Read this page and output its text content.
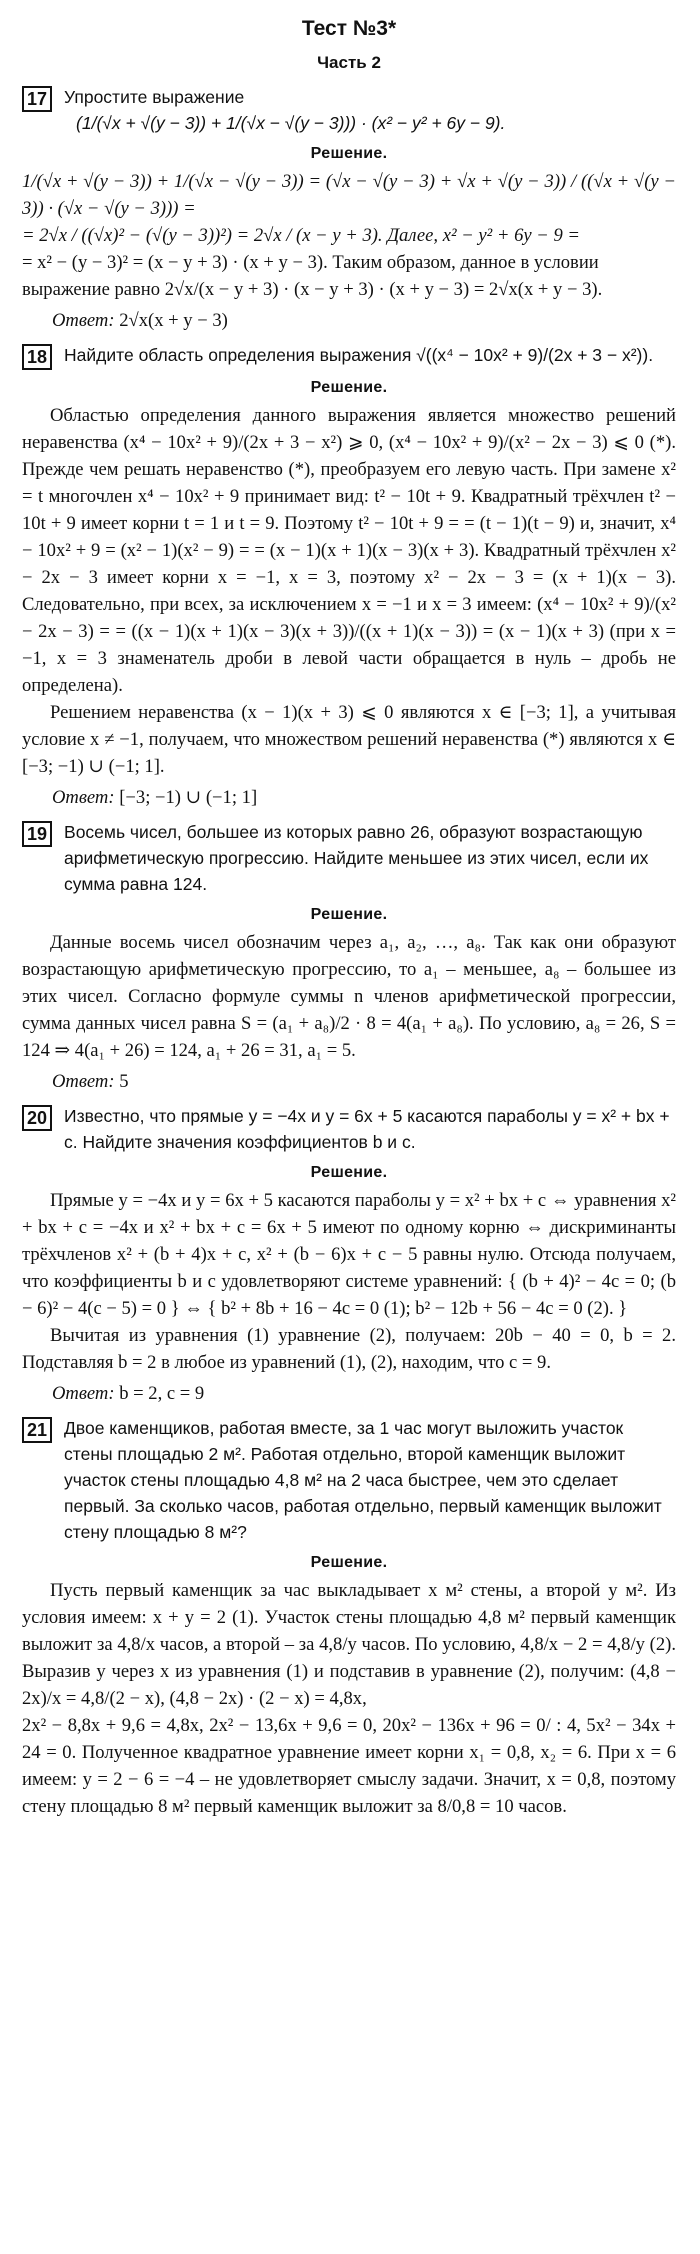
Тест №3*
Часть 2
17 Упростите выражение
(1/(√x + √(y − 3)) + 1/(√x − √(y − 3))) · (x² − y² + 6y − 9).
Решение.

1/(√x + √(y − 3)) + 1/(√x − √(y − 3)) = (√x − √(y − 3) + √x + √(y − 3)) / ((√x + √(y − 3)) · (√x − √(y − 3))) =

= 2√x / ((√x)² − (√(y − 3))²) = 2√x / (x − y + 3). Далее, x² − y² + 6y − 9 =

= x² − (y − 3)² = (x − y + 3) · (x + y − 3). Таким образом, данное в условии

выражение равно 2√x/(x − y + 3) · (x − y + 3) · (x + y − 3) = 2√x(x + y − 3).

Ответ: 2√x(x + y − 3)
18 Найдите область определения выражения √((x⁴ − 10x² + 9)/(2x + 3 − x²)).
Решение.

Областью определения данного выражения является множество решений неравенства (x⁴ − 10x² + 9)/(2x + 3 − x²) ⩾ 0, (x⁴ − 10x² + 9)/(x² − 2x − 3) ⩽ 0 (*). Прежде чем решать неравенство (*), преобразуем его левую часть. При замене x² = t многочлен x⁴ − 10x² + 9 принимает вид: t² − 10t + 9. Квадратный трёхчлен t² − 10t + 9 имеет корни t = 1 и t = 9. Поэтому t² − 10t + 9 = = (t − 1)(t − 9) и, значит, x⁴ − 10x² + 9 = (x² − 1)(x² − 9) = = (x − 1)(x + 1)(x − 3)(x + 3). Квадратный трёхчлен x² − 2x − 3 имеет корни x = −1, x = 3, поэтому x² − 2x − 3 = (x + 1)(x − 3). Следовательно, при всех, за исключением x = −1 и x = 3 имеем: (x⁴ − 10x² + 9)/(x² − 2x − 3) = = ((x − 1)(x + 1)(x − 3)(x + 3))/((x + 1)(x − 3)) = (x − 1)(x + 3) (при x = −1, x = 3 знаменатель дроби в левой части обращается в нуль – дробь не определена).

Решением неравенства (x − 1)(x + 3) ⩽ 0 являются x ∈ [−3; 1], а учитывая условие x ≠ −1, получаем, что множеством решений неравенства (*) являются x ∈ [−3; −1) ∪ (−1; 1].

Ответ: [−3; −1) ∪ (−1; 1]
19 Восемь чисел, большее из которых равно 26, образуют возрастающую арифметическую прогрессию. Найдите меньшее из этих чисел, если их сумма равна 124.
Решение.

Данные восемь чисел обозначим через a₁, a₂, …, a₈. Так как они образуют возрастающую арифметическую прогрессию, то a₁ – меньшее, a₈ – большее из этих чисел. Согласно формуле суммы n членов арифметической прогрессии, сумма данных чисел равна S = (a₁ + a₈)/2 · 8 = 4(a₁ + a₈). По условию, a₈ = 26, S = 124 ⇒ 4(a₁ + 26) = 124, a₁ + 26 = 31, a₁ = 5.

Ответ: 5
20 Известно, что прямые y = −4x и y = 6x + 5 касаются параболы y = x² + bx + c. Найдите значения коэффициентов b и c.
Решение.

Прямые y = −4x и y = 6x + 5 касаются параболы y = x² + bx + c ⇔ уравнения x² + bx + c = −4x и x² + bx + c = 6x + 5 имеют по одному корню ⇔ дискриминанты трёхчленов x² + (b + 4)x + c, x² + (b − 6)x + c − 5 равны нулю. Отсюда получаем, что коэффициенты b и c удовлетворяют системе уравнений: { (b + 4)² − 4c = 0; (b − 6)² − 4(c − 5) = 0 } ⇔ { b² + 8b + 16 − 4c = 0 (1); b² − 12b + 56 − 4c = 0 (2). }

Вычитая из уравнения (1) уравнение (2), получаем: 20b − 40 = 0, b = 2. Подставляя b = 2 в любое из уравнений (1), (2), находим, что c = 9.

Ответ: b = 2, c = 9
21 Двое каменщиков, работая вместе, за 1 час могут выложить участок стены площадью 2 м². Работая отдельно, второй каменщик выложит участок стены площадью 4,8 м² на 2 часа быстрее, чем это сделает первый. За сколько часов, работая отдельно, первый каменщик выложит стену площадью 8 м²?
Решение.

Пусть первый каменщик за час выкладывает x м² стены, а второй y м². Из условия имеем: x + y = 2 (1). Участок стены площадью 4,8 м² первый каменщик выложит за 4,8/x часов, а второй – за 4,8/y часов. По условию, 4,8/x − 2 = 4,8/y (2). Выразив y через x из уравнения (1) и подставив в уравнение (2), получим: (4,8 − 2x)/x = 4,8/(2 − x), (4,8 − 2x) · (2 − x) = 4,8x,

2x² − 8,8x + 9,6 = 4,8x, 2x² − 13,6x + 9,6 = 0, 20x² − 136x + 96 = 0/ : 4, 5x² − 34x + 24 = 0. Полученное квадратное уравнение имеет корни x₁ = 0,8, x₂ = 6. При x = 6 имеем: y = 2 − 6 = −4 – не удовлетворяет смыслу задачи. Значит, x = 0,8, поэтому стену площадью 8 м² первый каменщик выложит за 8/0,8 = 10 часов.
